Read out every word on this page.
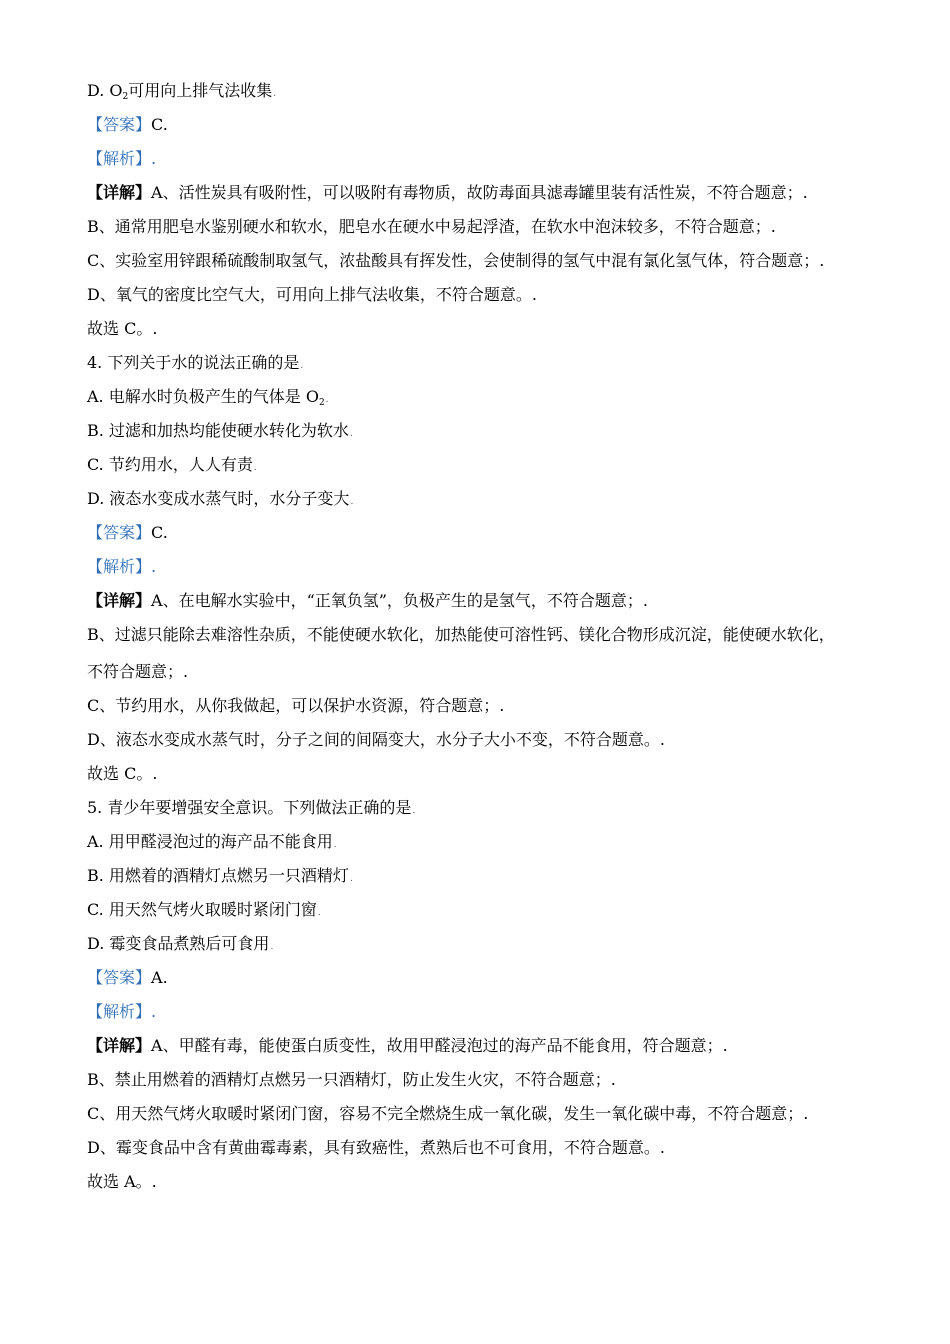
D. $O_2$可用向上排气法收集.
【答案】C.
【解析】.
【详解】A、活性炭具有吸附性，可以吸附有毒物质，故防毒面具滤毒罐里装有活性炭，不符合题意；.
B、通常用肥皂水鉴别硬水和软水，肥皂水在硬水中易起浮渣，在软水中泡沫较多，不符合题意；.
C、实验室用锌跟稀硫酸制取氢气，浓盐酸具有挥发性，会使制得的氢气中混有氯化氢气体，符合题意；.
D、氧气的密度比空气大，可用向上排气法收集，不符合题意。.
故选 C。.
4. 下列关于水的说法正确的是.
A. 电解水时负极产生的气体是 $O_2$.
B. 过滤和加热均能使硬水转化为软水.
C. 节约用水，人人有责.
D. 液态水变成水蒸气时，水分子变大.
【答案】C.
【解析】.
【详解】A、在电解水实验中，“正氧负氢”，负极产生的是氢气，不符合题意；.
B、过滤只能除去难溶性杂质，不能使硬水软化，加热能使可溶性钙、镁化合物形成沉淀，能使硬水软化，
不符合题意；.
C、节约用水，从你我做起，可以保护水资源，符合题意；.
D、液态水变成水蒸气时，分子之间的间隔变大，水分子大小不变，不符合题意。.
故选 C。.
5. 青少年要增强安全意识。下列做法正确的是.
A. 用甲醛浸泡过的海产品不能食用.
B. 用燃着的酒精灯点燃另一只酒精灯.
C. 用天然气烤火取暖时紧闭门窗.
D. 霉变食品煮熟后可食用.
【答案】A.
【解析】.
【详解】A、甲醛有毒，能使蛋白质变性，故用甲醛浸泡过的海产品不能食用，符合题意；.
B、禁止用燃着的酒精灯点燃另一只酒精灯，防止发生火灾，不符合题意；.
C、用天然气烤火取暖时紧闭门窗，容易不完全燃烧生成一氧化碳，发生一氧化碳中毒，不符合题意；.
D、霉变食品中含有黄曲霉毒素，具有致癌性，煮熟后也不可食用，不符合题意。.
故选 A。.
